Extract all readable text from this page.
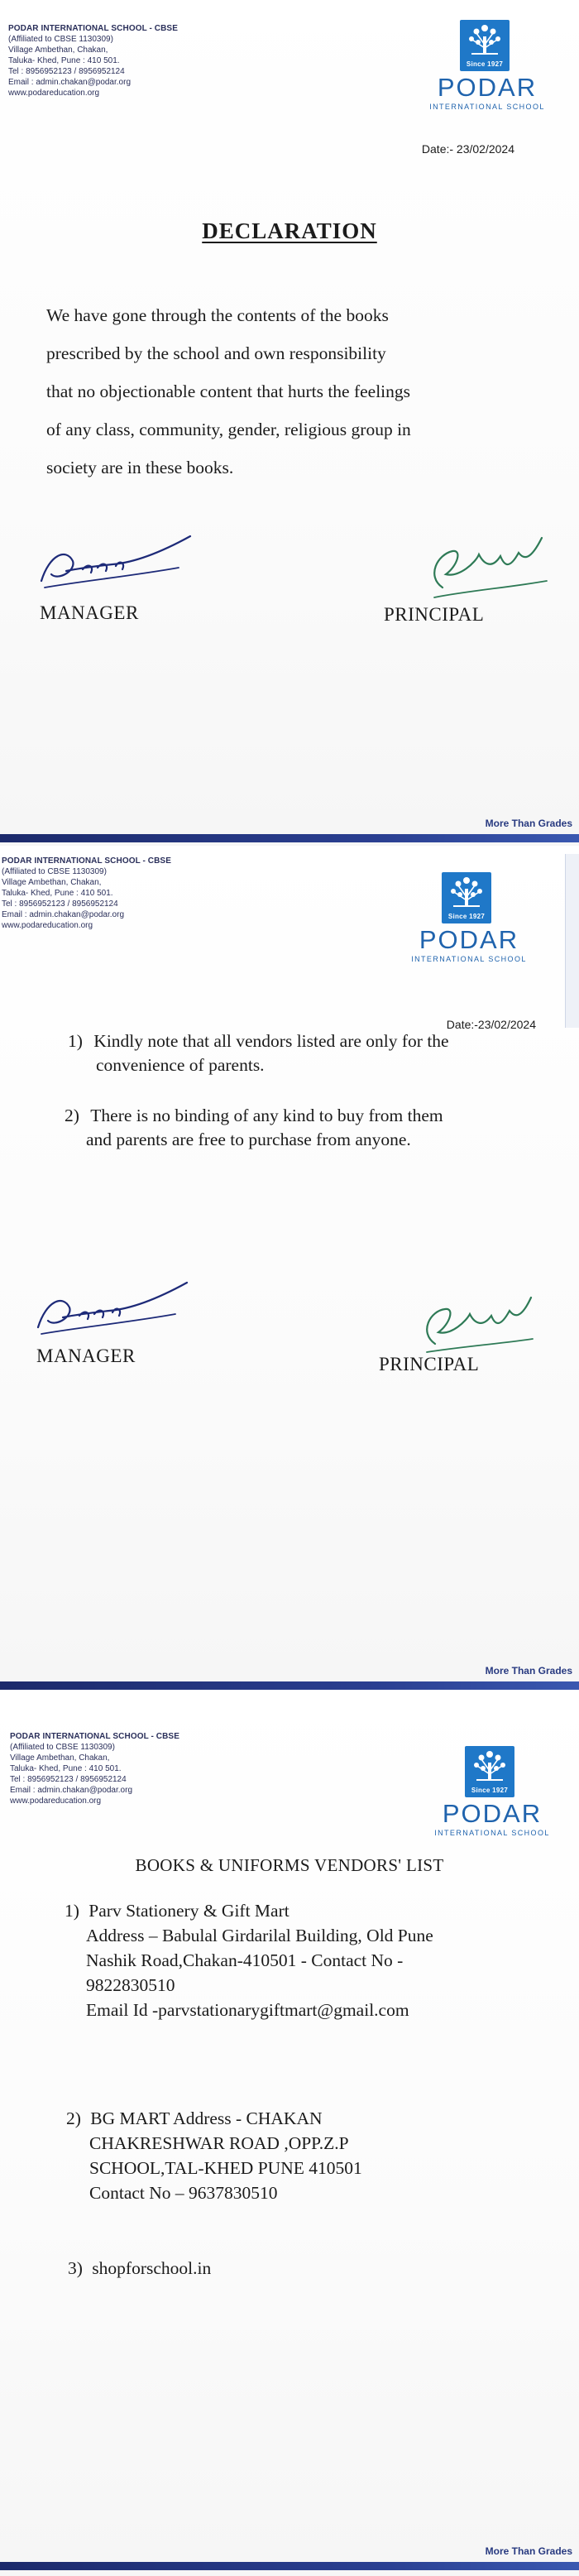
PODAR INTERNATIONAL SCHOOL - CBSE
(Affiliated to CBSE 1130309)
Village Ambethan, Chakan,
Taluka- Khed, Pune : 410 501.
Tel : 8956952123 / 8956952124
Email : admin.chakan@podar.org
www.podareducation.org
Since 1927
PODAR
INTERNATIONAL SCHOOL
Date:- 23/02/2024
DECLARATION
We have gone through the contents of the books
prescribed by the school and own responsibility
that no objectionable content that hurts the feelings
of any class, community, gender, religious group in
society are in these books.
MANAGER	PRINCIPAL
More Than Grades
PODAR INTERNATIONAL SCHOOL - CBSE
(Affiliated to CBSE 1130309)
Village Ambethan, Chakan,
Taluka- Khed, Pune : 410 501.
Tel : 8956952123 / 8956952124
Email : admin.chakan@podar.org
www.podareducation.org
Since 1927
PODAR
INTERNATIONAL SCHOOL
Date:-23/02/2024
1) Kindly note that all vendors listed are only for the
convenience of parents.
2) There is no binding of any kind to buy from them
and parents are free to purchase from anyone.
MANAGER	PRINCIPAL
More Than Grades
PODAR INTERNATIONAL SCHOOL - CBSE
(Affiliated to CBSE 1130309)
Village Ambethan, Chakan,
Taluka- Khed, Pune : 410 501.
Tel : 8956952123 / 8956952124
Email : admin.chakan@podar.org
www.podareducation.org
Since 1927
PODAR
INTERNATIONAL SCHOOL
BOOKS & UNIFORMS VENDORS' LIST
1) Parv Stationery & Gift Mart
Address – Babulal Girdarilal Building, Old Pune
Nashik Road,Chakan-410501 - Contact No -
9822830510
Email Id -parvstationarygiftmart@gmail.com
2) BG MART Address - CHAKAN
CHAKRESHWAR ROAD ,OPP.Z.P
SCHOOL,TAL-KHED PUNE 410501
Contact No – 9637830510
3) shopforschool.in
More Than Grades
